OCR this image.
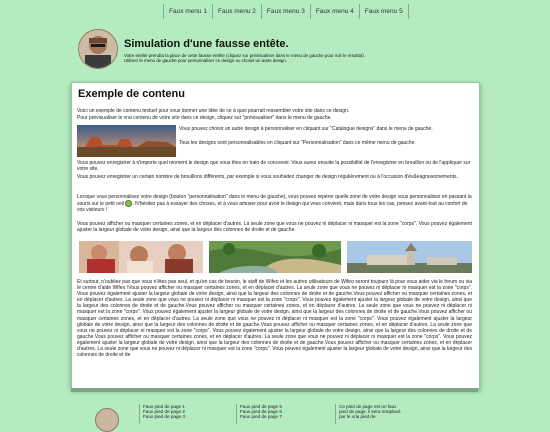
Faux menu 1	Faux menu 2	Faux menu 3	Faux menu 4	Faux menu 5
Simulation d'une fausse entête.
Votre entête prendra la place de cette fausse entête (cliquez sur prévisualiser dans le menu de gauche pour voir le résultat).
Utilisez le menu de gauche pour personnaliser ce design ou choisir un autre design.
Exemple de contenu

Voici un exemple de contenu textuel pour vous donner une idée de ce à quoi pourrait ressembler votre site dans ce design.

Pour prévisualiser le vrai contenu de votre site dans ce design, cliquez sur "prévisualiser" dans le menu de gauche.

Vous pouvez choisir un autre design à personnaliser en cliquant sur "Catalogue designs" dans le menu de gauche.

Tous les designs sont personnalisables en cliquant sur "Personnalisation" dans ce même menu de gauche.

Vous pouvez enregistrer à n'importe quel moment le design que vous êtes en train de concevoir. Vous aurez ensuite la possibilité de l'enregistrer en brouillon ou de l'appliquer sur votre site.

Vous pouvez enregistrer un certain nombre de brouillons différents, par exemple si vous souhaitez changer de design régulièrement ou à l'occasion d'év&eagraveznements.

Lorsque vous personnalisez votre design (bouton "personnalisation" dans le menu de gauche), vous pouvez repérer quelle zone de votre design vous personnalisez en passant la souris sur le petit oeil . N'hésitez pas à essayer des choses, et à vous amuser pour avoir le design qui vous convient, mais dans tous les cas, pensez avant-tout au confort de vos visiteurs !

Vous pouvez afficher ou masquer certaines zones, et en déplacer d'autres. La seule zone que vous ne pouvez ni déplacer ni masquer est la zone "corps". Vous pouvez également ajuster la largeur globale de votre design, ainsi que la largeur des colonnes de droite et de gauche.

Et surtout, n'oubliez pas que vous n'êtes pas seul, et qu'en cas de besoin, le staff de Wifeo et les autres utilisateurs de Wifeo seront toujours là pour vous aider via le forum ou via le centre d'aide Wifeo !Vous pouvez afficher ou masquer certaines zones, et en déplacer d'autres. La seule zone que vous ne pouvez ni déplacer ni masquer est la zone "corps". Vous pouvez également ajuster la largeur globale de votre design, ainsi que la largeur des colonnes de droite et de gauche.Vous pouvez afficher ou masquer certaines zones, et en déplacer d'autres. La seule zone que vous ne pouvez ni déplacer ni masquer est la zone "corps". Vous pouvez également ajuster la largeur globale de votre design, ainsi que la largeur des colonnes de droite et de gauche.Vous pouvez afficher ou masquer certaines zones, et en déplacer d'autres. La seule zone que vous ne pouvez ni déplacer ni masquer est la zone "corps". Vous pouvez également ajuster la largeur globale de votre design, ainsi que la largeur des colonnes de droite et de gauche.Vous pouvez afficher ou masquer certaines zones, et en déplacer d'autres. La seule zone que vous ne pouvez ni déplacer ni masquer est la zone "corps". Vous pouvez également ajuster la largeur globale de votre design, ainsi que la largeur des colonnes de droite et de gauche.Vous pouvez afficher ou masquer certaines zones, et en déplacer d'autres. La seule zone que vous ne pouvez ni déplacer ni masquer est la zone "corps". Vous pouvez également ajuster la largeur globale de votre design, ainsi que la largeur des colonnes de droite et de gauche.Vous pouvez afficher ou masquer certaines zones, et en déplacer d'autres. La seule zone que vous ne pouvez ni déplacer ni masquer est la zone "corps". Vous pouvez également ajuster la largeur globale de votre design, ainsi que la largeur des colonnes de droite et de gauche.Vous pouvez afficher ou masquer certaines zones, et en déplacer d'autres. La seule zone que vous ne pouvez ni déplacer ni masquer est la zone "corps". Vous pouvez également ajuster la largeur globale de votre design, ainsi que la largeur des colonnes de droite et de

Faux pied de page 1
Faux pied de page 2
Faux pied de page 3
Faux pied de page 5
Faux pied de page 6
Faux pied de page 7
Ce pied de page est un faux
pied de page, il sera remplacé
par le vrai pied de
